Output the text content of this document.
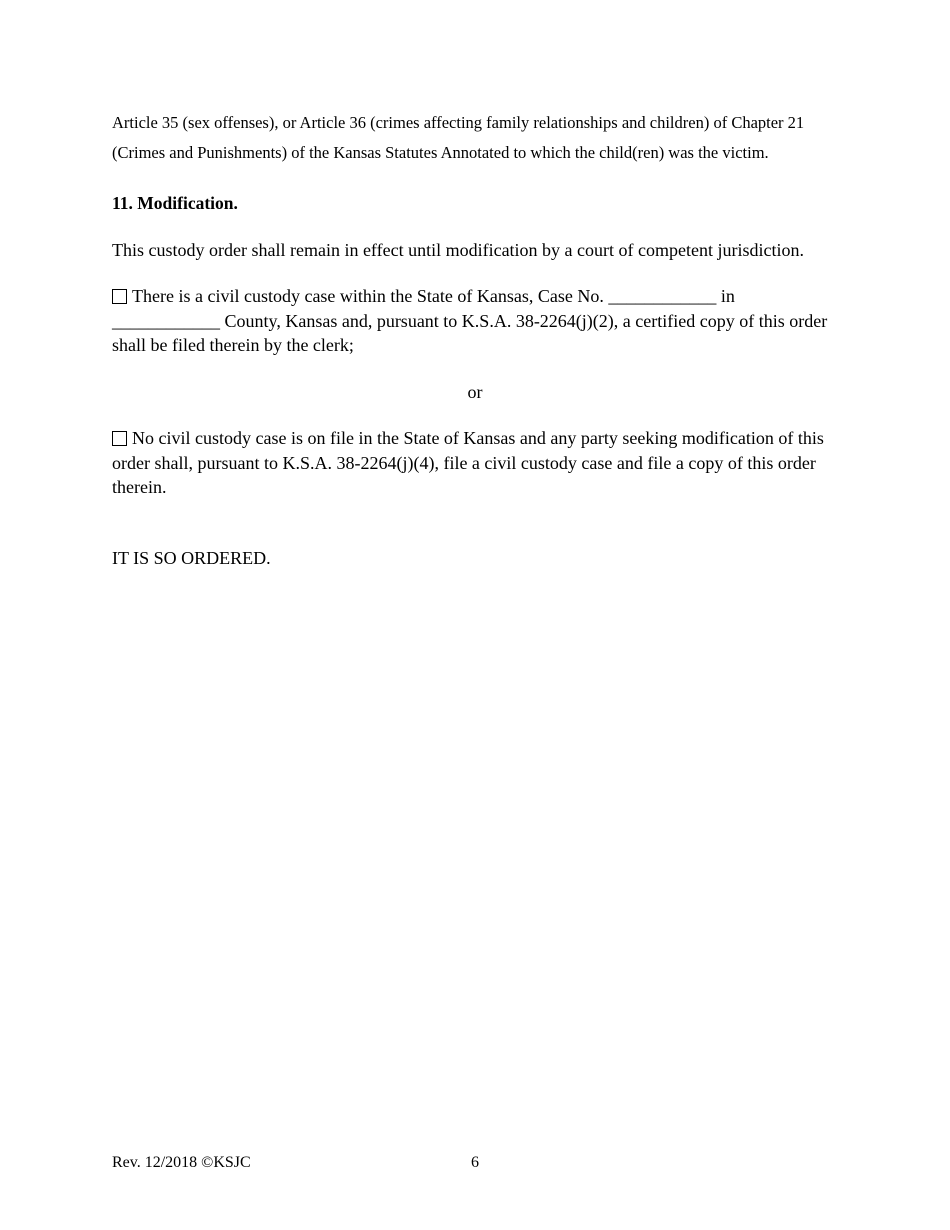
Article 35 (sex offenses), or Article 36 (crimes affecting family relationships and children) of Chapter 21
(Crimes and Punishments) of the Kansas Statutes Annotated to which the child(ren) was the victim.
11. Modification.
This custody order shall remain in effect until modification by a court of competent jurisdiction.
There is a civil custody case within the State of Kansas, Case No. ____________ in ____________ County, Kansas and, pursuant to K.S.A. 38-2264(j)(2), a certified copy of this order shall be filed therein by the clerk;
or
No civil custody case is on file in the State of Kansas and any party seeking modification of this order shall, pursuant to K.S.A. 38-2264(j)(4), file a civil custody case and file a copy of this order therein.
IT IS SO ORDERED.
Rev. 12/2018 ©KSJC	6
